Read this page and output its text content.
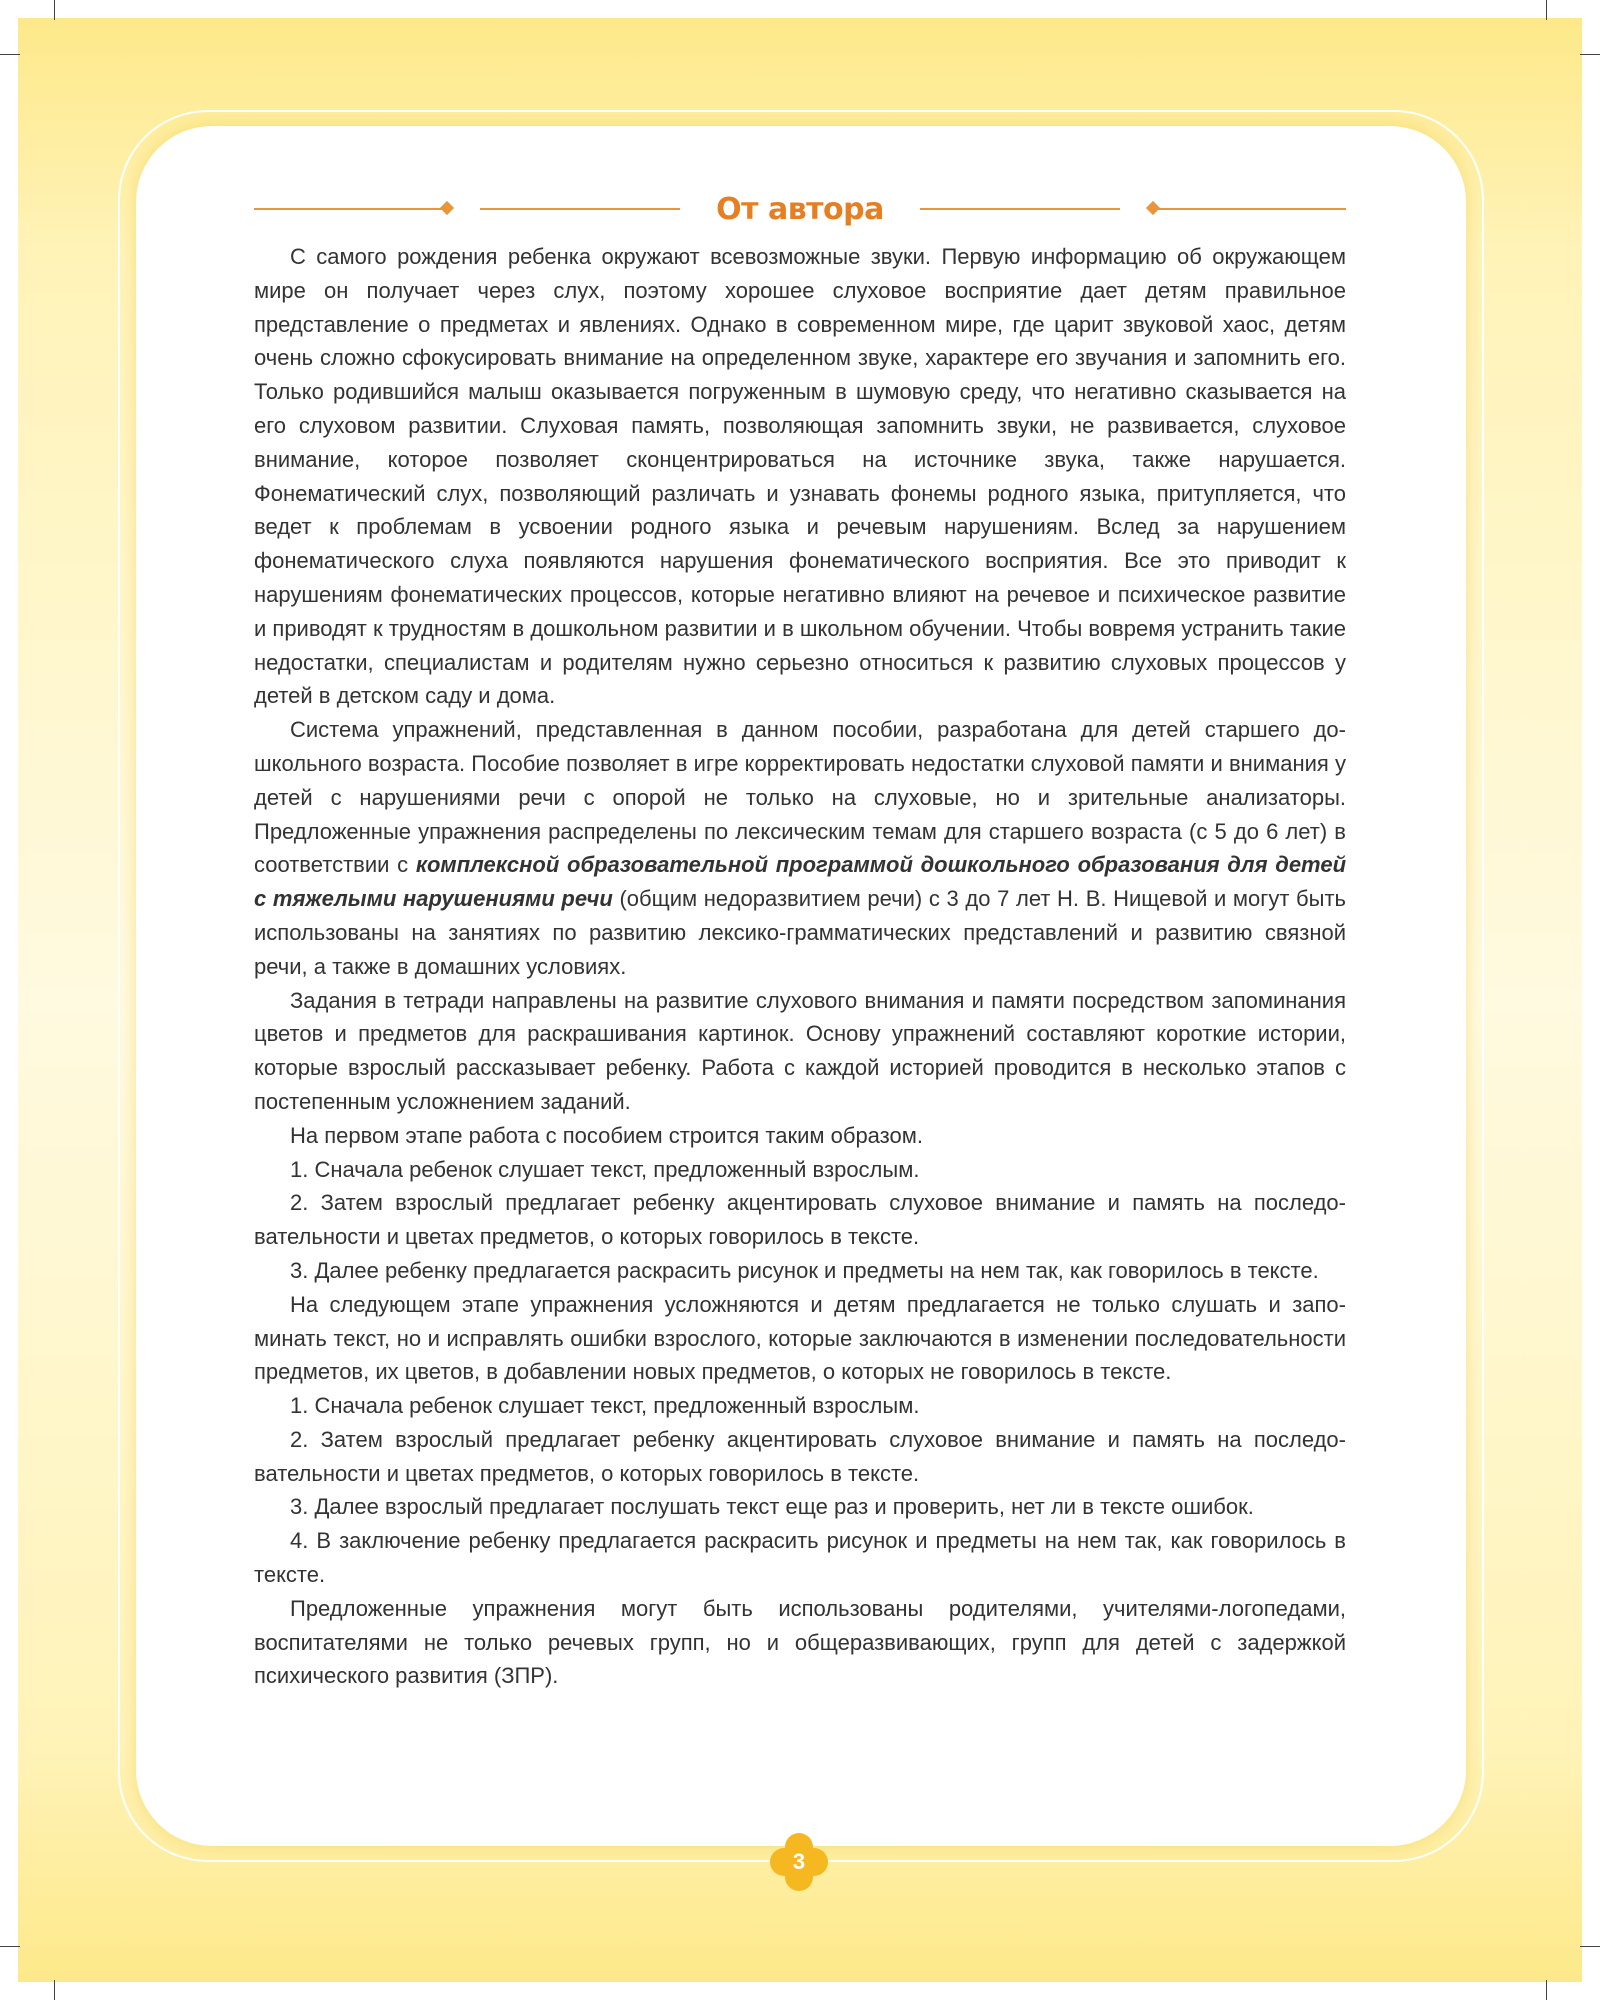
От автора

С самого рождения ребенка окружают всевозможные звуки. Первую информацию об окружающем мире он получает через слух, поэтому хорошее слуховое восприятие дает детям правильное представление о предметах и явлениях. Однако в современном мире, где царит звуковой хаос, детям очень сложно сфокусировать внимание на определенном звуке, характере его звучания и запомнить его. Только родившийся малыш оказывается погруженным в шумовую среду, что негативно сказывается на его слуховом развитии. Слуховая память, позволяющая запомнить звуки, не развивается, слуховое внимание, которое позволяет сконцентрироваться на источнике звука, также нарушается. Фонематический слух, позволяющий различать и узнавать фонемы родного языка, притупляется, что ведет к проблемам в усвоении родного языка и речевым нарушениям. Вслед за нарушением фонематического слуха появляются нарушения фонематического восприятия. Все это приводит к нарушениям фонематических процессов, которые негативно влияют на речевое и психическое развитие и приводят к трудностям в дошкольном развитии и в школьном обучении. Чтобы вовремя устранить такие недостатки, специалистам и родителям нужно серьезно относиться к развитию слуховых процессов у детей в детском саду и дома.

Система упражнений, представленная в данном пособии, разработана для детей старшего дошкольного возраста. Пособие позволяет в игре корректировать недостатки слуховой памяти и внимания у детей с нарушениями речи с опорой не только на слуховые, но и зрительные анализаторы. Предложенные упражнения распределены по лексическим темам для старшего возраста (с 5 до 6 лет) в соответствии с комплексной образовательной программой дошкольного образования для детей с тяжелыми нарушениями речи (общим недоразвитием речи) с 3 до 7 лет Н. В. Нищевой и могут быть использованы на занятиях по развитию лексико-грамматических представлений и развитию связной речи, а также в домашних условиях.

Задания в тетради направлены на развитие слухового внимания и памяти посредством запоминания цветов и предметов для раскрашивания картинок. Основу упражнений составляют короткие истории, которые взрослый рассказывает ребенку. Работа с каждой историей проводится в несколько этапов с постепенным усложнением заданий.

На первом этапе работа с пособием строится таким образом.

1. Сначала ребенок слушает текст, предложенный взрослым.

2. Затем взрослый предлагает ребенку акцентировать слуховое внимание и память на последовательности и цветах предметов, о которых говорилось в тексте.

3. Далее ребенку предлагается раскрасить рисунок и предметы на нем так, как говорилось в тексте.

На следующем этапе упражнения усложняются и детям предлагается не только слушать и запоминать текст, но и исправлять ошибки взрослого, которые заключаются в изменении последовательности предметов, их цветов, в добавлении новых предметов, о которых не говорилось в тексте.

1. Сначала ребенок слушает текст, предложенный взрослым.

2. Затем взрослый предлагает ребенку акцентировать слуховое внимание и память на последовательности и цветах предметов, о которых говорилось в тексте.

3. Далее взрослый предлагает послушать текст еще раз и проверить, нет ли в тексте ошибок.

4. В заключение ребенку предлагается раскрасить рисунок и предметы на нем так, как говорилось в тексте.

Предложенные упражнения могут быть использованы родителями, учителями-логопедами, воспитателями не только речевых групп, но и общеразвивающих, групп для детей с задержкой психического развития (ЗПР).

3
